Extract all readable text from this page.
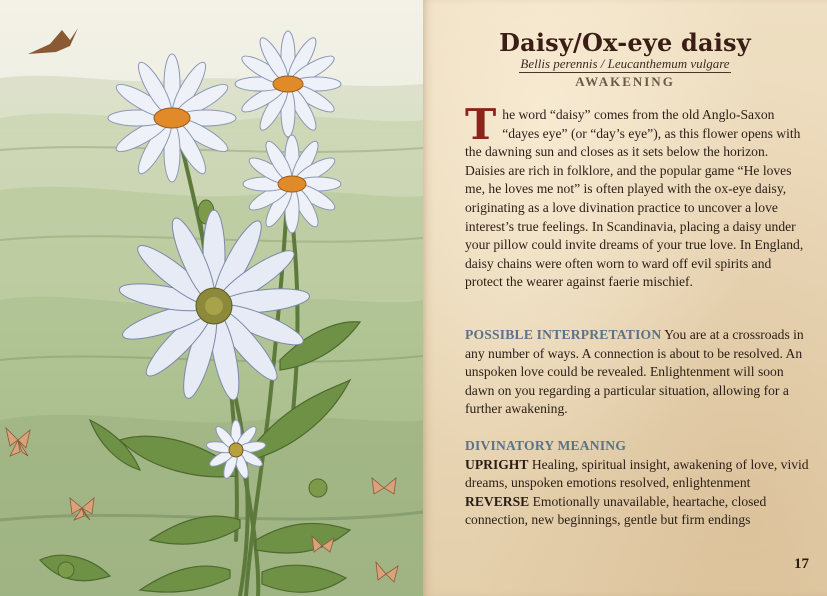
Daisy/Ox-eye daisy
Bellis perennis / Leucanthemum vulgare
AWAKENING
The word “daisy” comes from the old Anglo-Saxon “dayes eye” (or “day’s eye”), as this flower opens with the dawning sun and closes as it sets below the horizon. Daisies are rich in folklore, and the popular game “He loves me, he loves me not” is often played with the ox-eye daisy, originating as a love divination practice to uncover a love interest’s true feelings. In Scandinavia, placing a daisy under your pillow could invite dreams of your true love. In England, daisy chains were often worn to ward off evil spirits and protect the wearer against faerie mischief.
POSSIBLE INTERPRETATION You are at a crossroads in any number of ways. A connection is about to be resolved. An unspoken love could be revealed. Enlightenment will soon dawn on you regarding a particular situation, allowing for a further awakening.

DIVINATORY MEANING

UPRIGHT Healing, spiritual insight, awakening of love, vivid dreams, unspoken emotions resolved, enlightenment

REVERSE Emotionally unavailable, heartache, closed connection, new beginnings, gentle but firm endings

17
